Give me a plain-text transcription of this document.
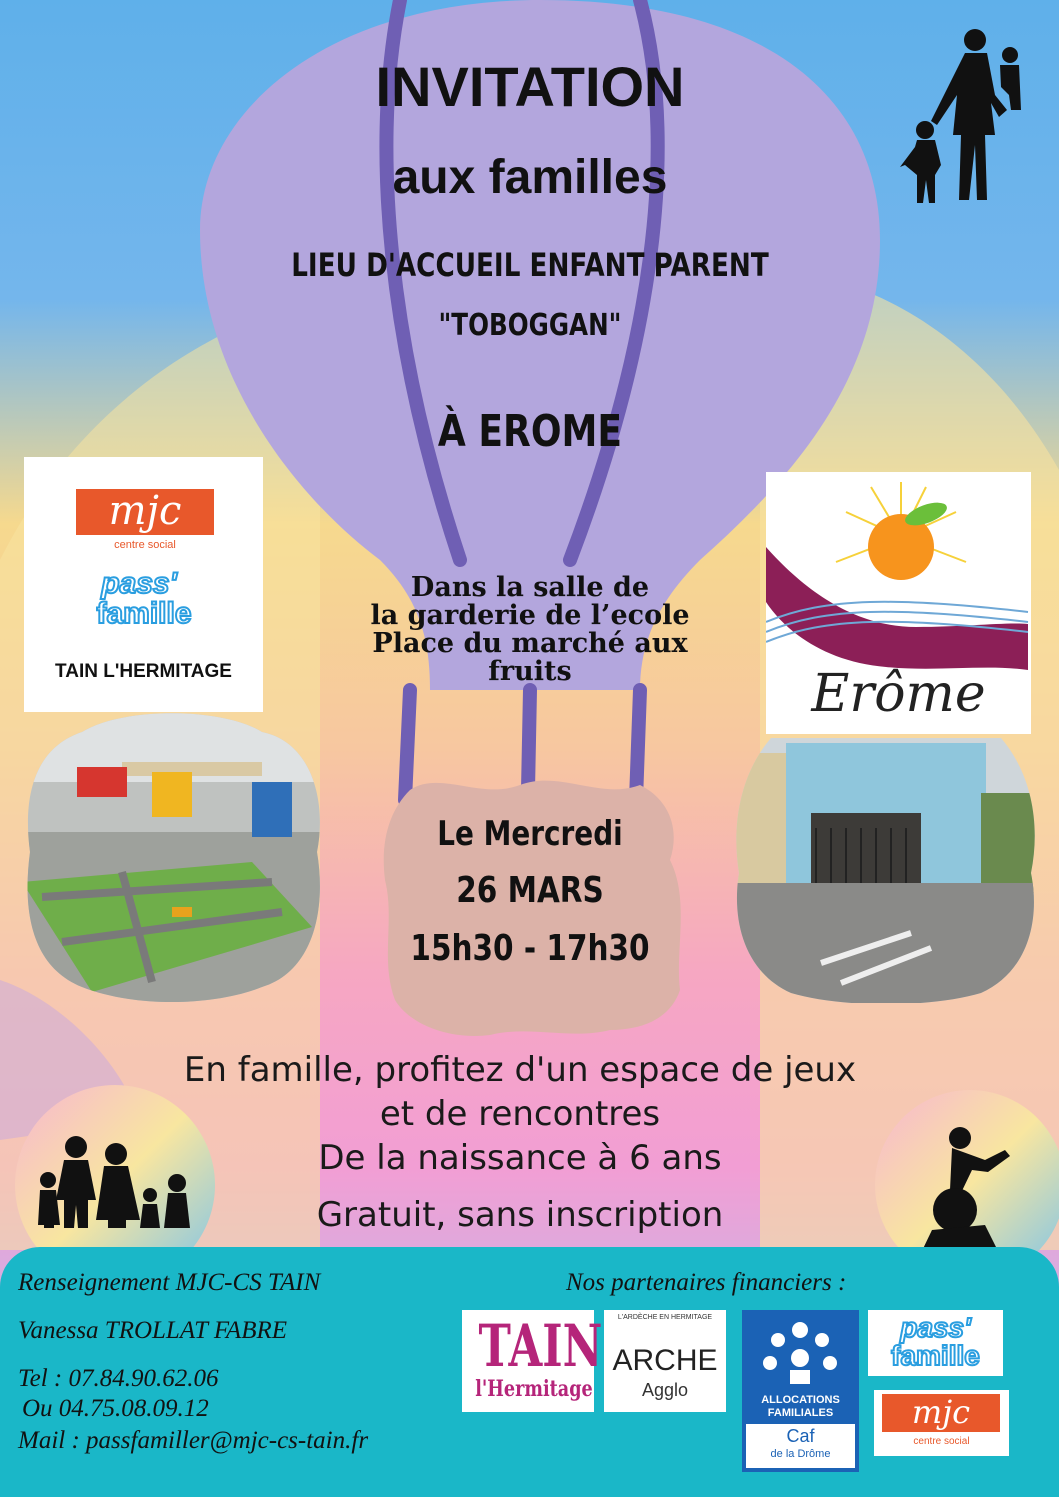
INVITATION
aux familles
LIEU D'ACCUEIL ENFANT PARENT
"TOBOGGAN"
À EROME
Dans la salle de
la garderie de l’ecole
Place du marché aux
fruits
Le Mercredi
26 MARS
15h30 - 17h30
mjc
centre social
pass'
famille
TAIN L'HERMITAGE	Erôme
En famille, profitez d'un espace de jeux
et de rencontres
De la naissance à 6 ans
Gratuit, sans inscription
Renseignement MJC-CS TAIN
Vanessa TROLLAT FABRE
Tel : 07.84.90.62.06
Ou 04.75.08.09.12
Mail : passfamiller@mjc-cs-tain.fr
Nos partenaires financiers :
TAIN
l'Hermitage
L'ARDÈCHE EN HERMITAGE
ARCHE
Agglo	ALLOCATIONS
FAMILIALES
Caf
de la Drôme
pass'
famille
mjc
centre social
